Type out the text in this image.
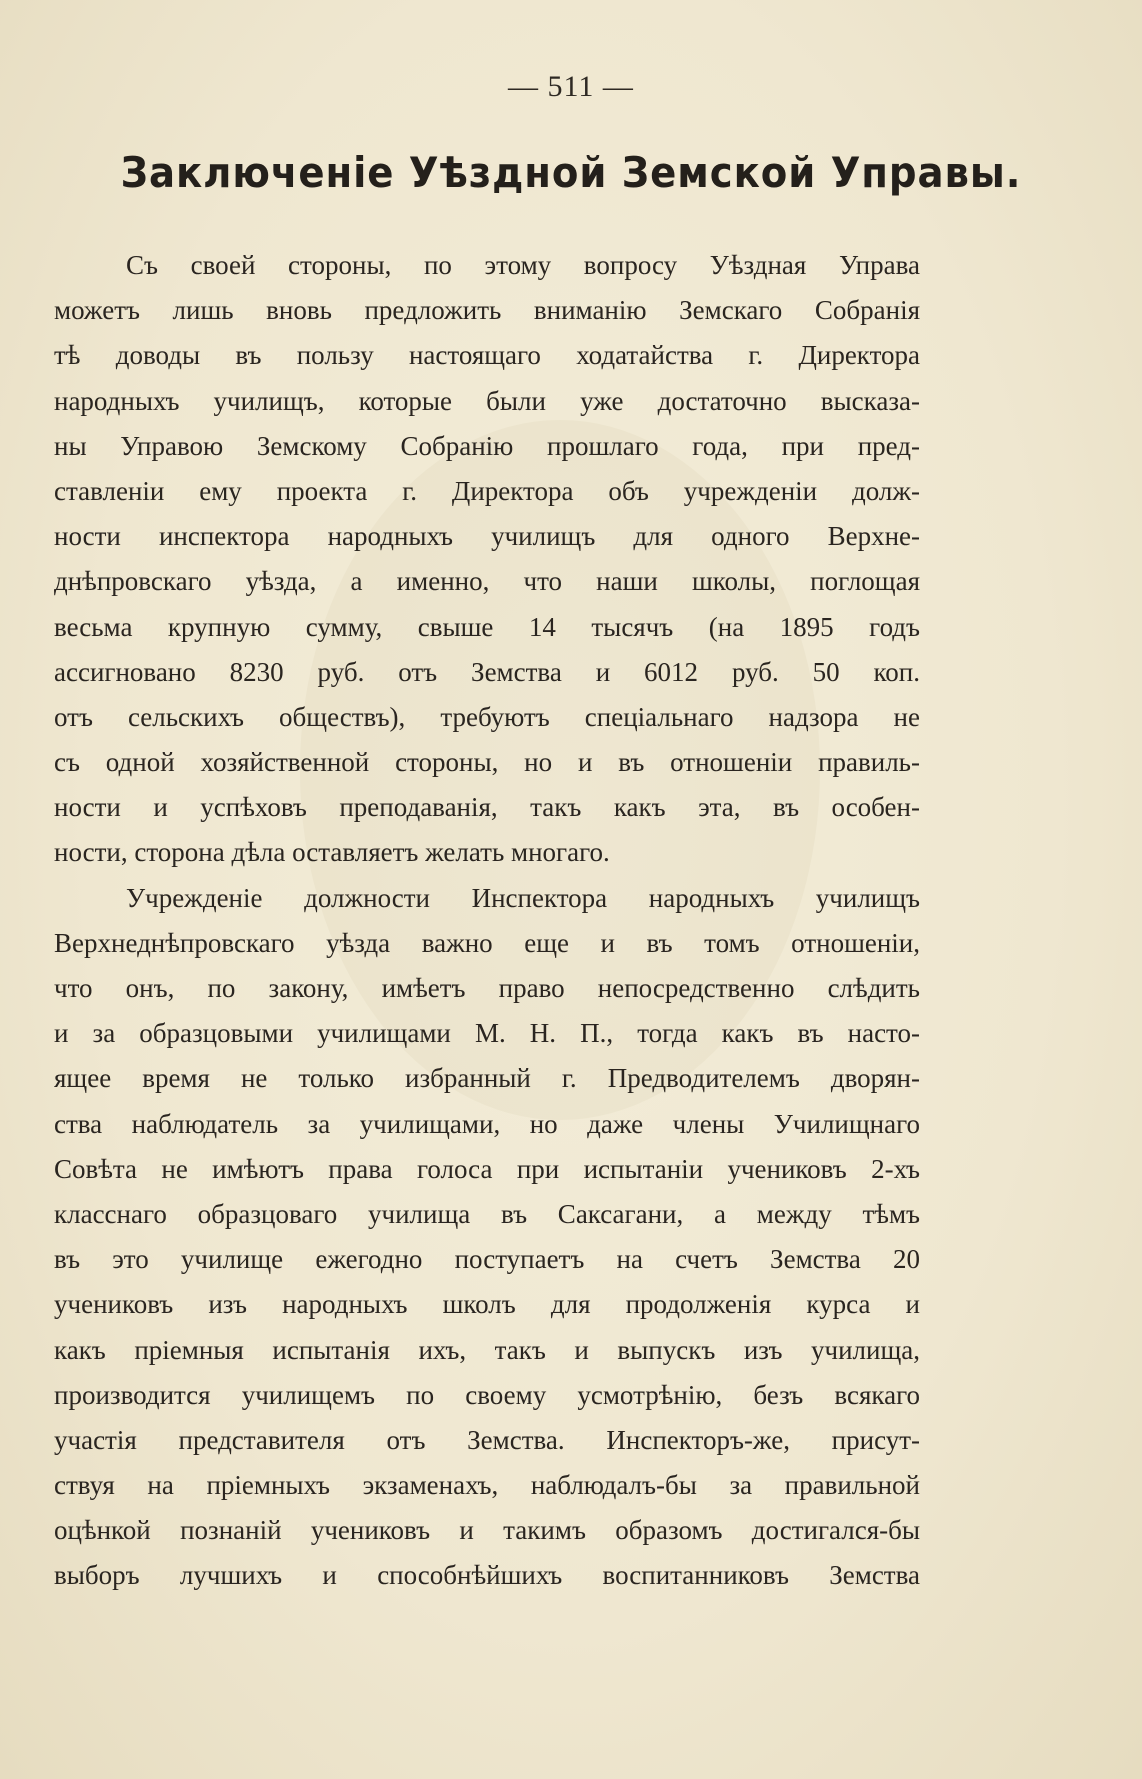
— 511 —
Заключеніе Уѣздной Земской Управы.
Съ своей стороны, по этому вопросу Уѣздная Управа
можетъ лишь вновь предложить вниманію Земскаго Собранія
тѣ доводы въ пользу настоящаго ходатайства г. Директора
народныхъ училищъ, которые были уже достаточно высказа-
ны Управою Земскому Собранію прошлаго года, при пред-
ставленіи ему проекта г. Директора объ учрежденіи долж-
ности инспектора народныхъ училищъ для одного Верхне-
днѣпровскаго уѣзда, а именно, что наши школы, поглощая
весьма крупную сумму, свыше 14 тысячъ (на 1895 годъ
ассигновано 8230 руб. отъ Земства и 6012 руб. 50 коп.
отъ сельскихъ обществъ), требуютъ спеціальнаго надзора не
съ одной хозяйственной стороны, но и въ отношеніи правиль-
ности и успѣховъ преподаванія, такъ какъ эта, въ особен-
ности, сторона дѣла оставляетъ желать многаго.
Учрежденіе должности Инспектора народныхъ училищъ
Верхнеднѣпровскаго уѣзда важно еще и въ томъ отношеніи,
что онъ, по закону, имѣетъ право непосредственно слѣдить
и за образцовыми училищами М. Н. П., тогда какъ въ насто-
ящее время не только избранный г. Предводителемъ дворян-
ства наблюдатель за училищами, но даже члены Училищнаго
Совѣта не имѣютъ права голоса при испытаніи учениковъ 2-хъ
класснаго образцоваго училища въ Саксагани, а между тѣмъ
въ это училище ежегодно поступаетъ на счетъ Земства 20
учениковъ изъ народныхъ школъ для продолженія курса и
какъ пріемныя испытанія ихъ, такъ и выпускъ изъ училища,
производится училищемъ по своему усмотрѣнію, безъ всякаго
участія представителя отъ Земства. Инспекторъ-же, присут-
ствуя на пріемныхъ экзаменахъ, наблюдалъ-бы за правильной
оцѣнкой познаній учениковъ и такимъ образомъ достигался-бы
выборъ лучшихъ и способнѣйшихъ воспитанниковъ Земства
